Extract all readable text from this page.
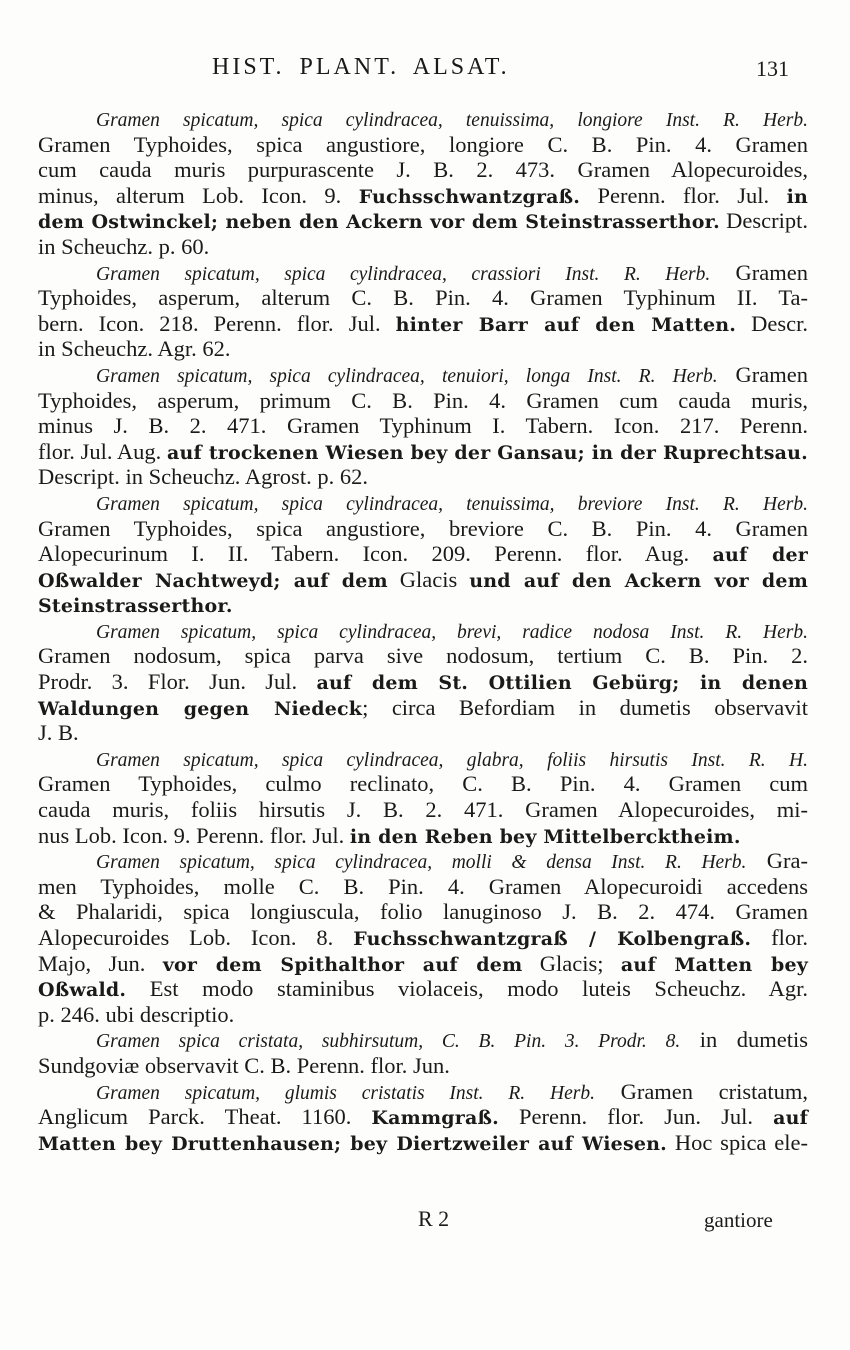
HIST. PLANT. ALSAT.	131
Gramen spicatum, spica cylindracea, tenuissima, longiore Inst. R. Herb.
Gramen Typhoides, spica angustiore, longiore C. B. Pin. 4. Gramen
cum cauda muris purpurascente J. B. 2. 473. Gramen Alopecuroides,
minus, alterum Lob. Icon. 9. Fuchsschwantzgraß. Perenn. flor. Jul. in
dem Ostwinckel; neben den Ackern vor dem Steinstrasserthor. Descript.
in Scheuchz. p. 60.
Gramen spicatum, spica cylindracea, crassiori Inst. R. Herb. Gramen
Typhoides, asperum, alterum C. B. Pin. 4. Gramen Typhinum II. Ta-
bern. Icon. 218. Perenn. flor. Jul. hinter Barr auf den Matten. Descr.
in Scheuchz. Agr. 62.
Gramen spicatum, spica cylindracea, tenuiori, longa Inst. R. Herb. Gramen
Typhoides, asperum, primum C. B. Pin. 4. Gramen cum cauda muris,
minus J. B. 2. 471. Gramen Typhinum I. Tabern. Icon. 217. Perenn.
flor. Jul. Aug. auf trockenen Wiesen bey der Gansau; in der Ruprechtsau.
Descript. in Scheuchz. Agrost. p. 62.
Gramen spicatum, spica cylindracea, tenuissima, breviore Inst. R. Herb.
Gramen Typhoides, spica angustiore, breviore C. B. Pin. 4. Gramen
Alopecurinum I. II. Tabern. Icon. 209. Perenn. flor. Aug. auf der
Oßwalder Nachtweyd; auf dem Glacis und auf den Ackern vor dem
Steinstrasserthor.
Gramen spicatum, spica cylindracea, brevi, radice nodosa Inst. R. Herb.
Gramen nodosum, spica parva sive nodosum, tertium C. B. Pin. 2.
Prodr. 3. Flor. Jun. Jul. auf dem St. Ottilien Gebürg; in denen
Waldungen gegen Niedeck; circa Befordiam in dumetis observavit
J. B.
Gramen spicatum, spica cylindracea, glabra, foliis hirsutis Inst. R. H.
Gramen Typhoides, culmo reclinato, C. B. Pin. 4. Gramen cum
cauda muris, foliis hirsutis J. B. 2. 471. Gramen Alopecuroides, mi-
nus Lob. Icon. 9. Perenn. flor. Jul. in den Reben bey Mittelbercktheim.
Gramen spicatum, spica cylindracea, molli & densa Inst. R. Herb. Gra-
men Typhoides, molle C. B. Pin. 4. Gramen Alopecuroidi accedens
& Phalaridi, spica longiuscula, folio lanuginoso J. B. 2. 474. Gramen
Alopecuroides Lob. Icon. 8. Fuchsschwantzgraß / Kolbengraß. flor.
Majo, Jun. vor dem Spithalthor auf dem Glacis; auf Matten bey
Oßwald. Est modo staminibus violaceis, modo luteis Scheuchz. Agr.
p. 246. ubi descriptio.
Gramen spica cristata, subhirsutum, C. B. Pin. 3. Prodr. 8. in dumetis
Sundgoviæ observavit C. B. Perenn. flor. Jun.
Gramen spicatum, glumis cristatis Inst. R. Herb. Gramen cristatum,
Anglicum Parck. Theat. 1160. Kammgraß. Perenn. flor. Jun. Jul. auf
Matten bey Druttenhausen; bey Diertzweiler auf Wiesen. Hoc spica ele-
R 2	gantiore
